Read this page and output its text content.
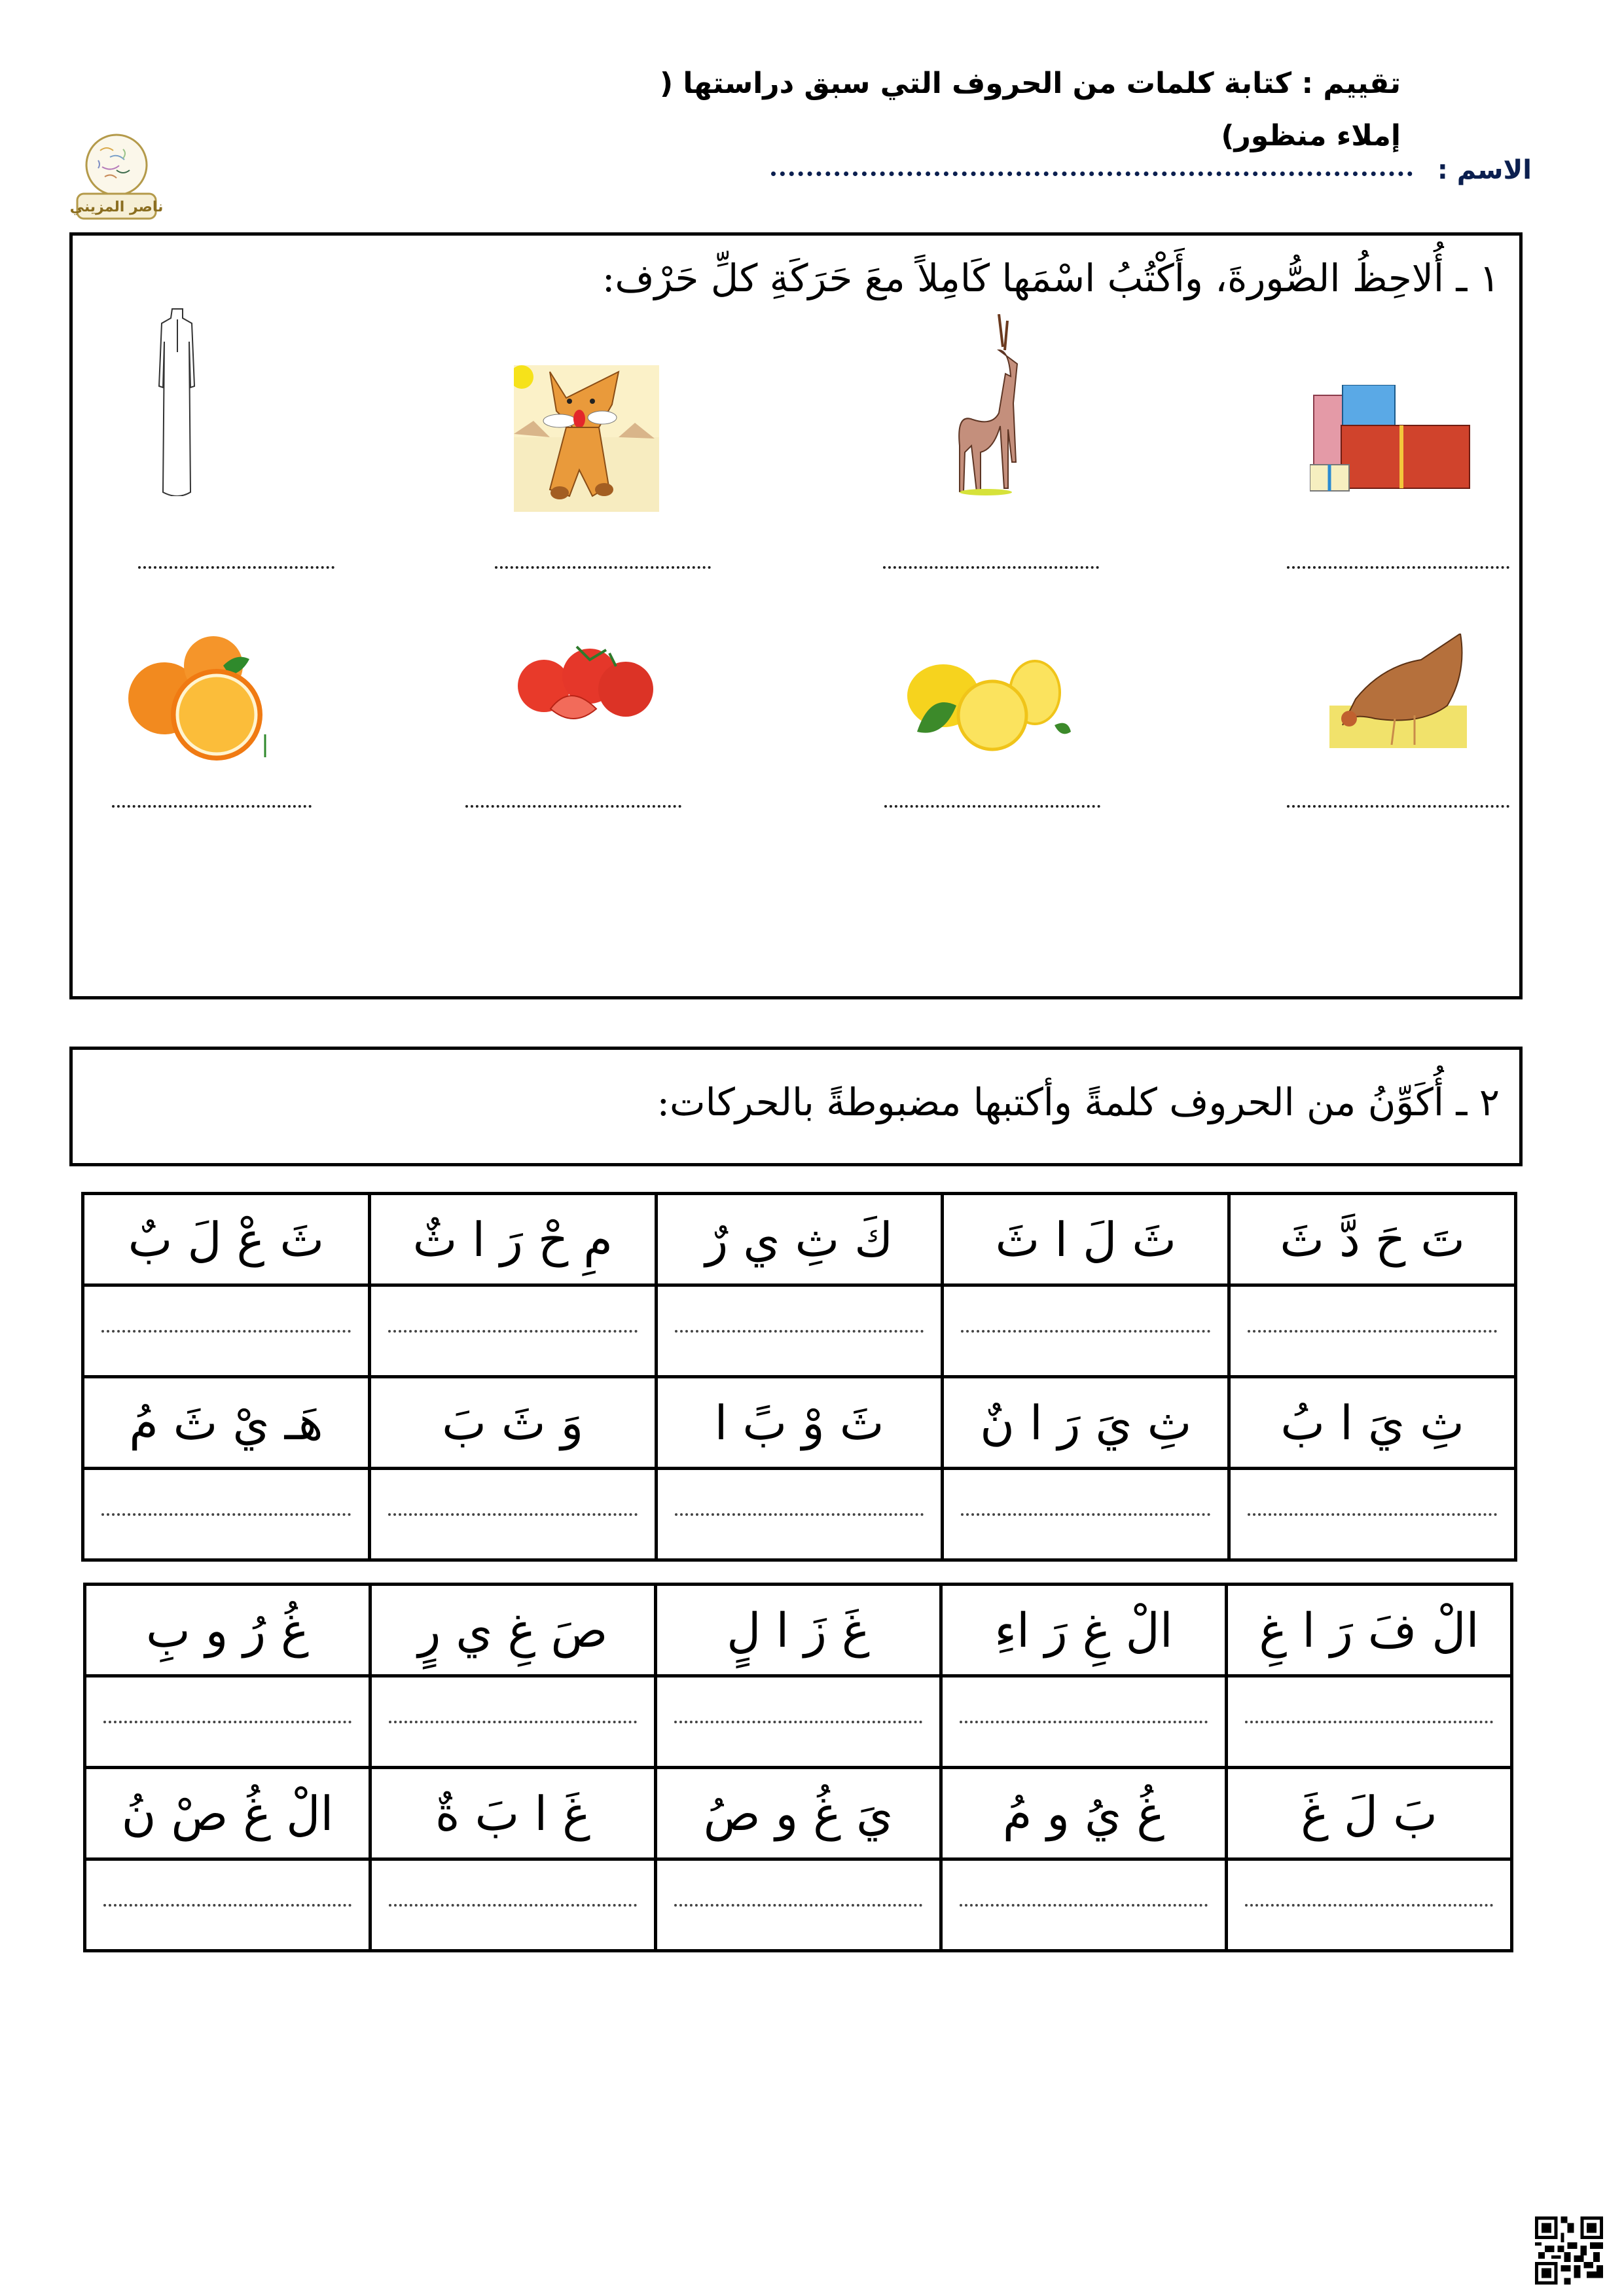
تقييم : كتابة كلمات من الحروف التي سبق دراستها ( إملاء منظور)
ناصر المزيني
الاسم :
١ ـ أُلاحِظُ الصُّورةَ، وأَكْتُبُ اسْمَها كَامِلاً معَ حَرَكَةِ كلِّ حَرْف:
٢ ـ أُكَوِّنُ من الحروف كلمةً وأكتبها مضبوطةً بالحركات:
تَ حَ دَّ ثَ	ثَ لَ ا ثَ	كَ ثِ ي رٌ	مِ حْ رَ ا ثٌ	ثَ عْ لَ بٌ

ثِ يَ ا بُ	ثِ يَ رَ ا نٌ	ثَ وْ بً ا	وَ ثَ بَ	هَـ يْ ثَ مُ

الْ فَ رَ ا غِ	الْ غِ رَ اءِ	غَ زَ ا لٍ	صَ غِ ي رٍ	غُ رُ و بِ

بَ لَ غَ	غُ يُ و مُ	يَ غُ و صُ	غَ ا بَ ةٌ	الْ غُ صْ نُ
